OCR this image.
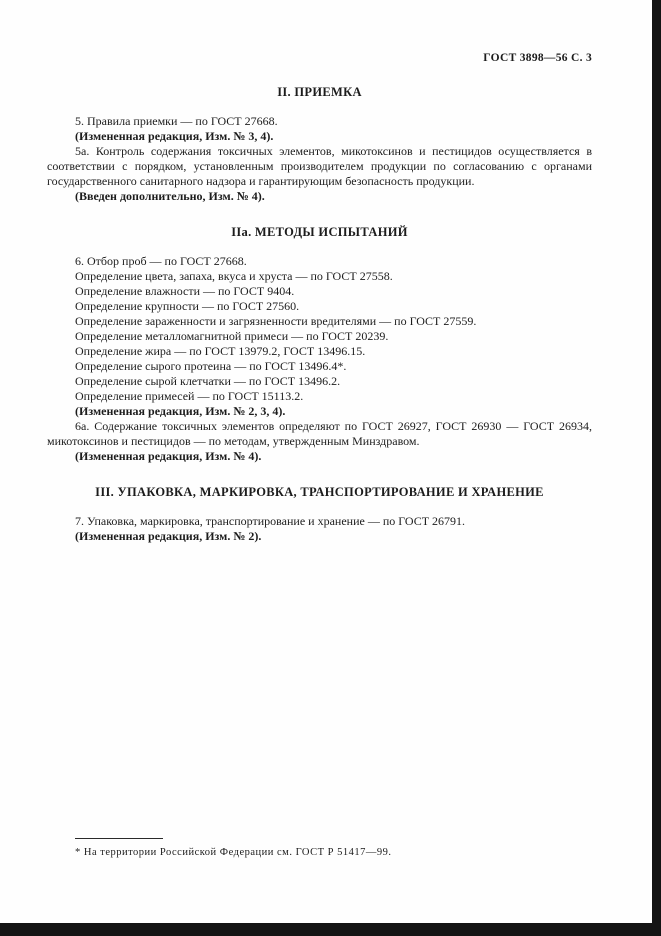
ГОСТ 3898—56 С. 3
II. ПРИЕМКА

5. Правила приемки — по ГОСТ 27668.

(Измененная редакция, Изм. № 3, 4).

5а. Контроль содержания токсичных элементов, микотоксинов и пестицидов осуществляется в соответствии с порядком, установленным производителем продукции по согласованию с органами государственного санитарного надзора и гарантирующим безопасность продукции.

(Введен дополнительно, Изм. № 4).

IIа. МЕТОДЫ ИСПЫТАНИЙ

6. Отбор проб — по ГОСТ 27668.

Определение цвета, запаха, вкуса и хруста — по ГОСТ 27558.

Определение влажности — по ГОСТ 9404.

Определение крупности — по ГОСТ 27560.

Определение зараженности и загрязненности вредителями — по ГОСТ 27559.

Определение металломагнитной примеси — по ГОСТ 20239.

Определение жира — по ГОСТ 13979.2, ГОСТ 13496.15.

Определение сырого протеина — по ГОСТ 13496.4*.

Определение сырой клетчатки — по ГОСТ 13496.2.

Определение примесей — по ГОСТ 15113.2.

(Измененная редакция, Изм. № 2, 3, 4).

6а. Содержание токсичных элементов определяют по ГОСТ 26927, ГОСТ 26930 — ГОСТ 26934, микотоксинов и пестицидов — по методам, утвержденным Минздравом.

(Измененная редакция, Изм. № 4).

III. УПАКОВКА, МАРКИРОВКА, ТРАНСПОРТИРОВАНИЕ И ХРАНЕНИЕ

7. Упаковка, маркировка, транспортирование и хранение — по ГОСТ 26791.

(Измененная редакция, Изм. № 2).

* На территории Российской Федерации см. ГОСТ Р 51417—99.
